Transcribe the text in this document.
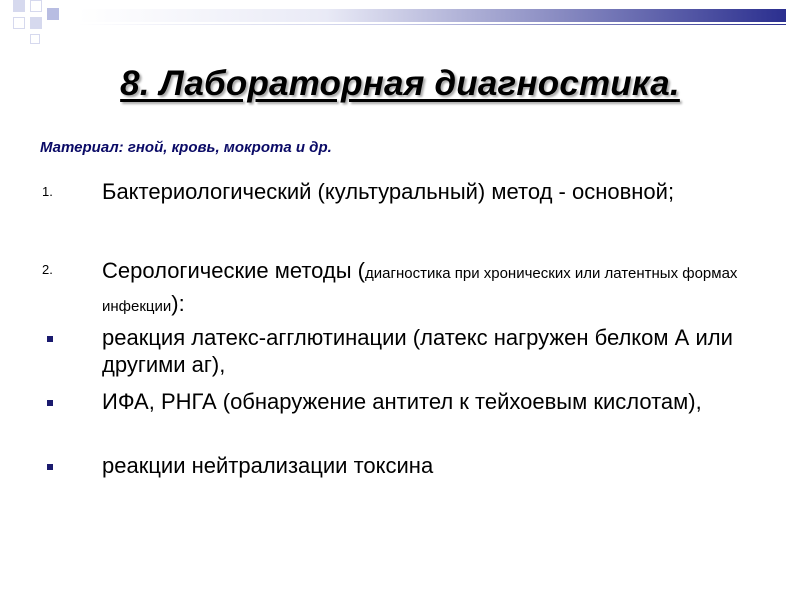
8. Лабораторная диагностика.
Материал: гной, кровь, мокрота и др.
1.	Бактериологический (культуральный) метод - основной;
2.	Серологические методы (диагностика при хронических или латентных формах инфекции):
реакция латекс-агглютинации (латекс нагружен белком А или другими аг),
ИФА, РНГА (обнаружение антител к тейхоевым кислотам),
реакции нейтрализации токсина
